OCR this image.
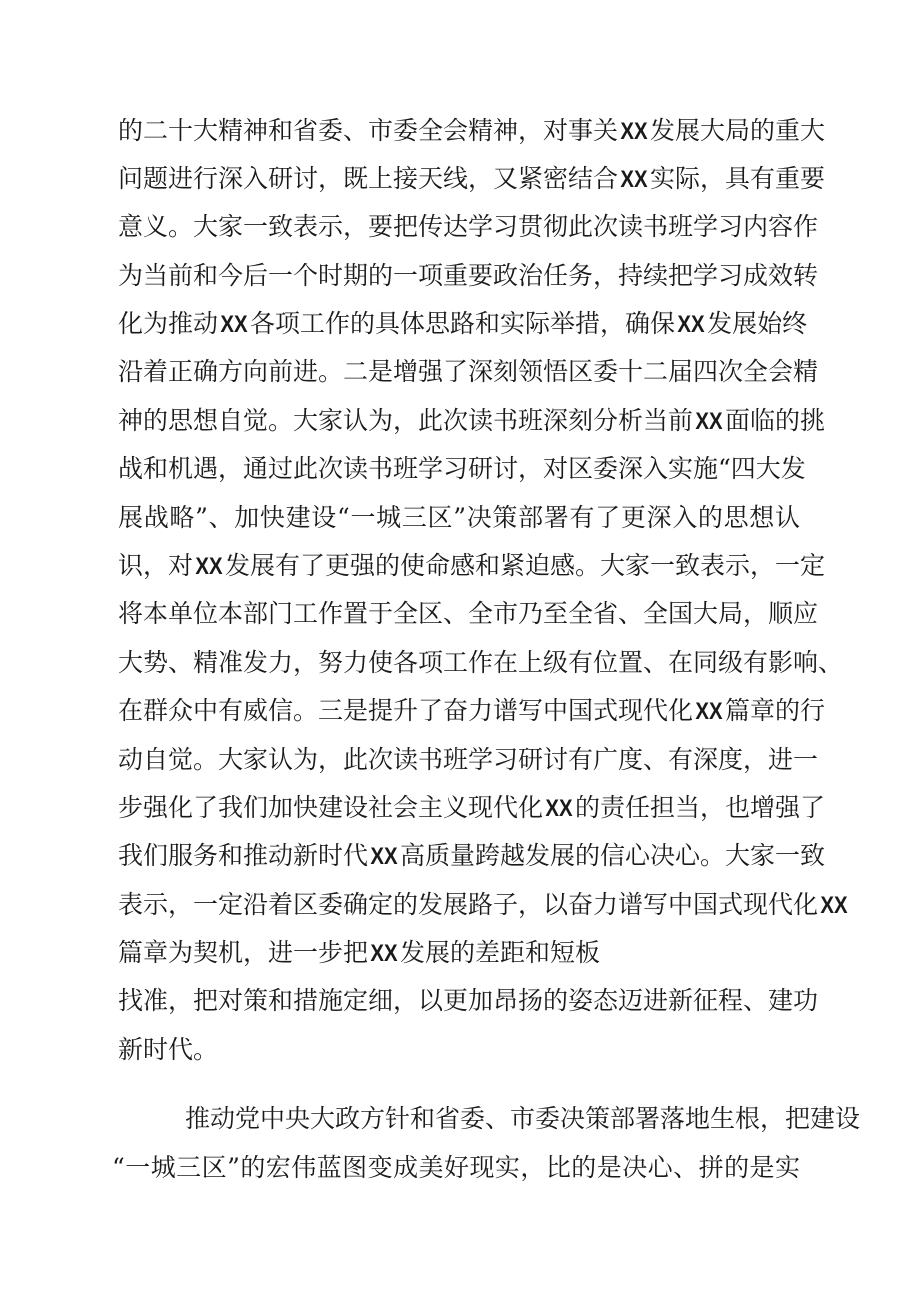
的二十大精神和省委、市委全会精神，对事关 XX发展大局的重大
问题进行深入研讨，既上接天线，又紧密结合 XX实际，具有重要
意义。大家一致表示，要把传达学习贯彻此次读书班学习内容作
为当前和今后一个时期的一项重要政治任务，持续把学习成效转
化为推动 XX各项工作的具体思路和实际举措，确保 XX发展始终
沿着正确方向前进。二是增强了深刻领悟区委十二届四次全会精
神的思想自觉。大家认为，此次读书班深刻分析当前 XX面临的挑
战和机遇，通过此次读书班学习研讨，对区委深入实施“四大发
展战略”、加快建设“一城三区”决策部署有了更深入的思想认
识，对 XX发展有了更强的使命感和紧迫感。大家一致表示，一定
将本单位本部门工作置于全区、全市乃至全省、全国大局，顺应
大势、精准发力，努力使各项工作在上级有位置、在同级有影响、
在群众中有威信。三是提升了奋力谱写中国式现代化 XX篇章的行
动自觉。大家认为，此次读书班学习研讨有广度、有深度，进一
步强化了我们加快建设社会主义现代化 XX的责任担当，也增强了
我们服务和推动新时代 XX高质量跨越发展的信心决心。大家一致
表示，一定沿着区委确定的发展路子，以奋力谱写中国式现代化 XX
篇章为契机，进一步把 XX发展的差距和短板
找准，把对策和措施定细，以更加昂扬的姿态迈进新征程、建功
新时代。
推动党中央大政方针和省委、市委决策部署落地生根，把建设
“一城三区”的宏伟蓝图变成美好现实，比的是决心、拼的是实
